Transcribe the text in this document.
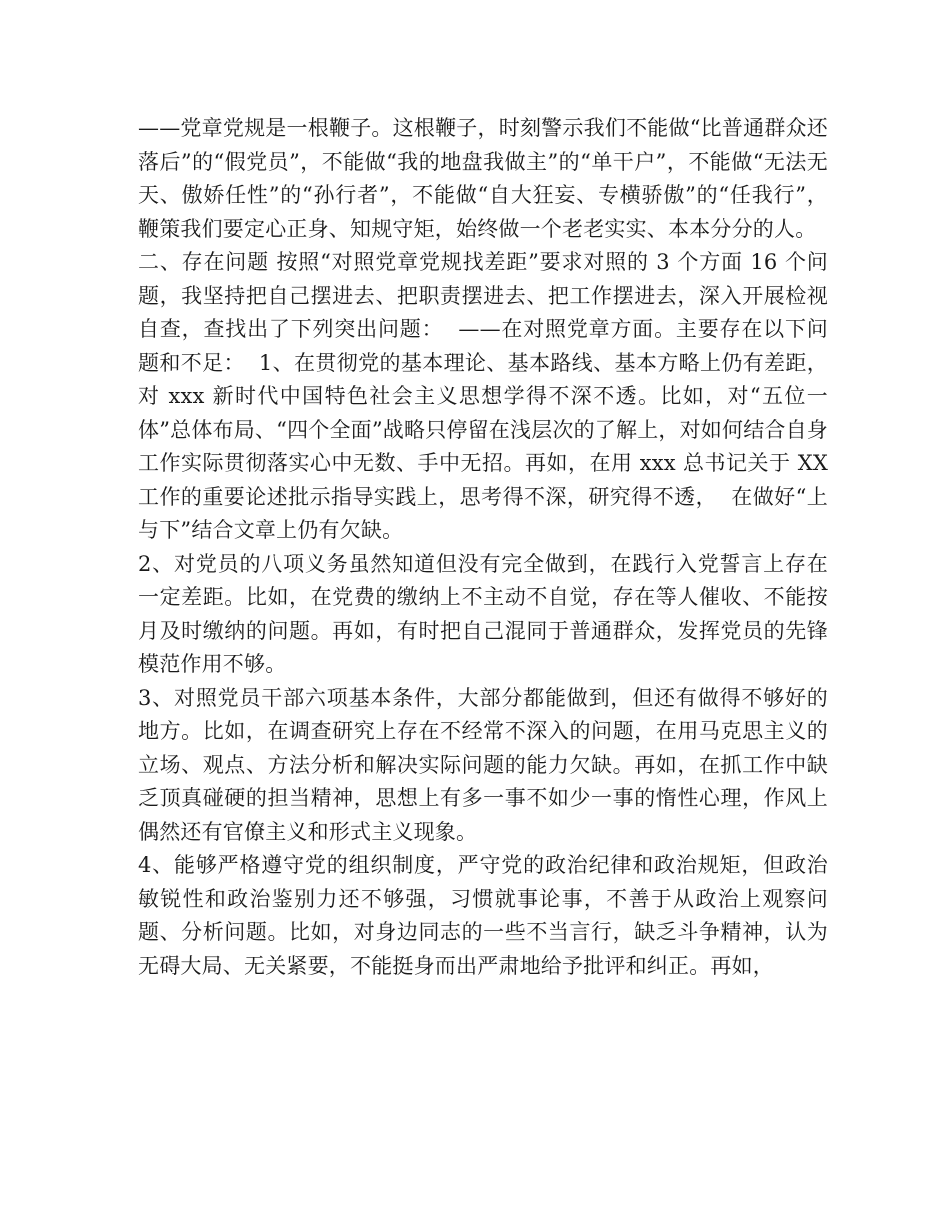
——党章党规是一根鞭子。这根鞭子，时刻警示我们不能做“比普通群众还落后”的“假党员”，不能做“我的地盘我做主”的“单干户”，不能做“无法无天、傲娇任性”的“孙行者”，不能做“自大狂妄、专横骄傲”的“任我行”，鞭策我们要定心正身、知规守矩，始终做一个老老实实、本本分分的人。

二、存在问题 按照“对照党章党规找差距”要求对照的 3 个方面 16 个问题，我坚持把自己摆进去、把职责摆进去、把工作摆进去，深入开展检视自查，查找出了下列突出问题：  ——在对照党章方面。主要存在以下问题和不足：  1、在贯彻党的基本理论、基本路线、基本方略上仍有差距，对 xxx 新时代中国特色社会主义思想学得不深不透。比如，对“五位一体”总体布局、“四个全面”战略只停留在浅层次的了解上，对如何结合自身工作实际贯彻落实心中无数、手中无招。再如，在用 xxx 总书记关于 XX 工作的重要论述批示指导实践上，思考得不深，研究得不透，  在做好“上与下”结合文章上仍有欠缺。

2、对党员的八项义务虽然知道但没有完全做到，在践行入党誓言上存在一定差距。比如，在党费的缴纳上不主动不自觉，存在等人催收、不能按月及时缴纳的问题。再如，有时把自己混同于普通群众，发挥党员的先锋模范作用不够。

3、对照党员干部六项基本条件，大部分都能做到，但还有做得不够好的地方。比如，在调查研究上存在不经常不深入的问题，在用马克思主义的立场、观点、方法分析和解决实际问题的能力欠缺。再如，在抓工作中缺乏顶真碰硬的担当精神，思想上有多一事不如少一事的惰性心理，作风上偶然还有官僚主义和形式主义现象。

4、能够严格遵守党的组织制度，严守党的政治纪律和政治规矩，但政治敏锐性和政治鉴别力还不够强，习惯就事论事，不善于从政治上观察问题、分析问题。比如，对身边同志的一些不当言行，缺乏斗争精神，认为无碍大局、无关紧要，不能挺身而出严肃地给予批评和纠正。再如，
